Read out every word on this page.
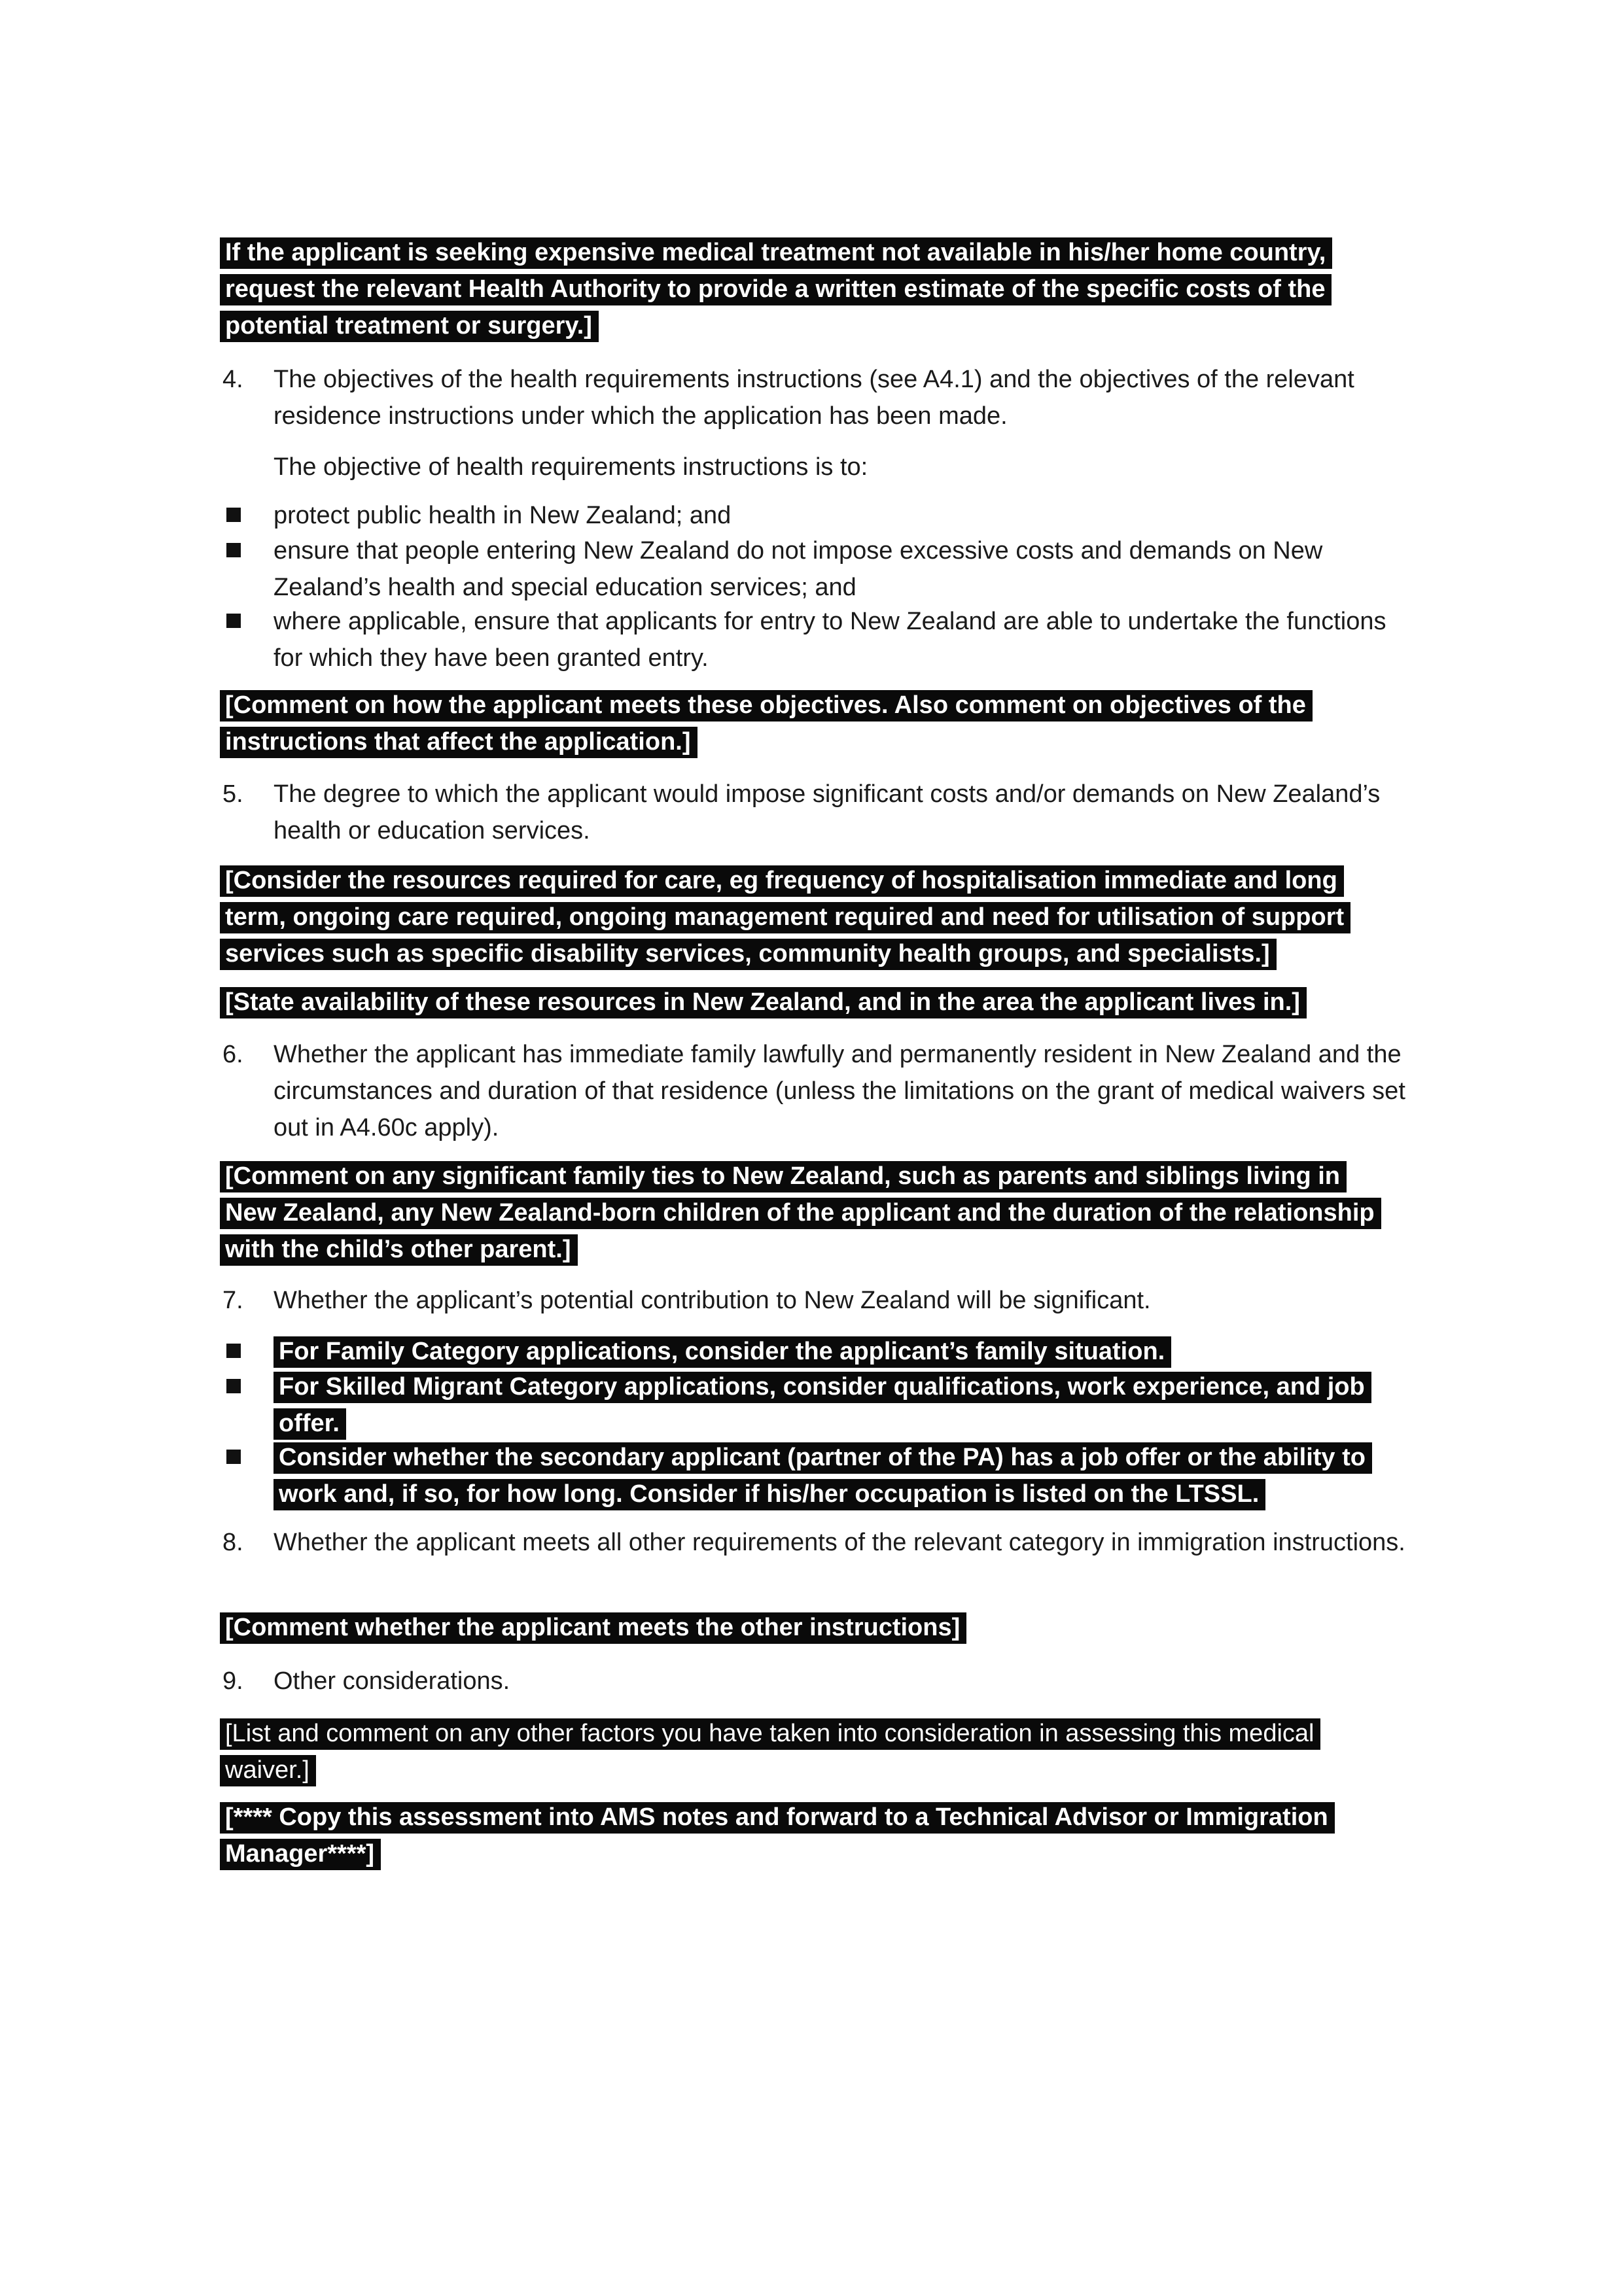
If the applicant is seeking expensive medical treatment not available in his/her home country, request the relevant Health Authority to provide a written estimate of the specific costs of the potential treatment or surgery.]
4.	The objectives of the health requirements instructions (see A4.1) and the objectives of the relevant residence instructions under which the application has been made.
The objective of health requirements instructions is to:
protect public health in New Zealand; and
ensure that people entering New Zealand do not impose excessive costs and demands on New Zealand’s health and special education services; and
where applicable, ensure that applicants for entry to New Zealand are able to undertake the functions for which they have been granted entry.
[Comment on how the applicant meets these objectives. Also comment on objectives of the instructions that affect the application.]
5.	The degree to which the applicant would impose significant costs and/or demands on New Zealand’s health or education services.
[Consider the resources required for care, eg frequency of hospitalisation immediate and long term, ongoing care required, ongoing management required and need for utilisation of support services such as specific disability services, community health groups, and specialists.]
[State availability of these resources in New Zealand, and in the area the applicant lives in.]
6.	Whether the applicant has immediate family lawfully and permanently resident in New Zealand and the circumstances and duration of that residence (unless the limitations on the grant of medical waivers set out in A4.60c apply).
[Comment on any significant family ties to New Zealand, such as parents and siblings living in New Zealand, any New Zealand-born children of the applicant and the duration of the relationship with the child’s other parent.]
7.	Whether the applicant’s potential contribution to New Zealand will be significant.
For Family Category applications, consider the applicant’s family situation.
For Skilled Migrant Category applications, consider qualifications, work experience, and job offer.
Consider whether the secondary applicant (partner of the PA) has a job offer or the ability to work and, if so, for how long. Consider if his/her occupation is listed on the LTSSL.
8.	Whether the applicant meets all other requirements of the relevant category in immigration instructions.
[Comment whether the applicant meets the other instructions]
9.	Other considerations.
[List and comment on any other factors you have taken into consideration in assessing this medical waiver.]
[**** Copy this assessment into AMS notes and forward to a Technical Advisor or Immigration Manager****]
